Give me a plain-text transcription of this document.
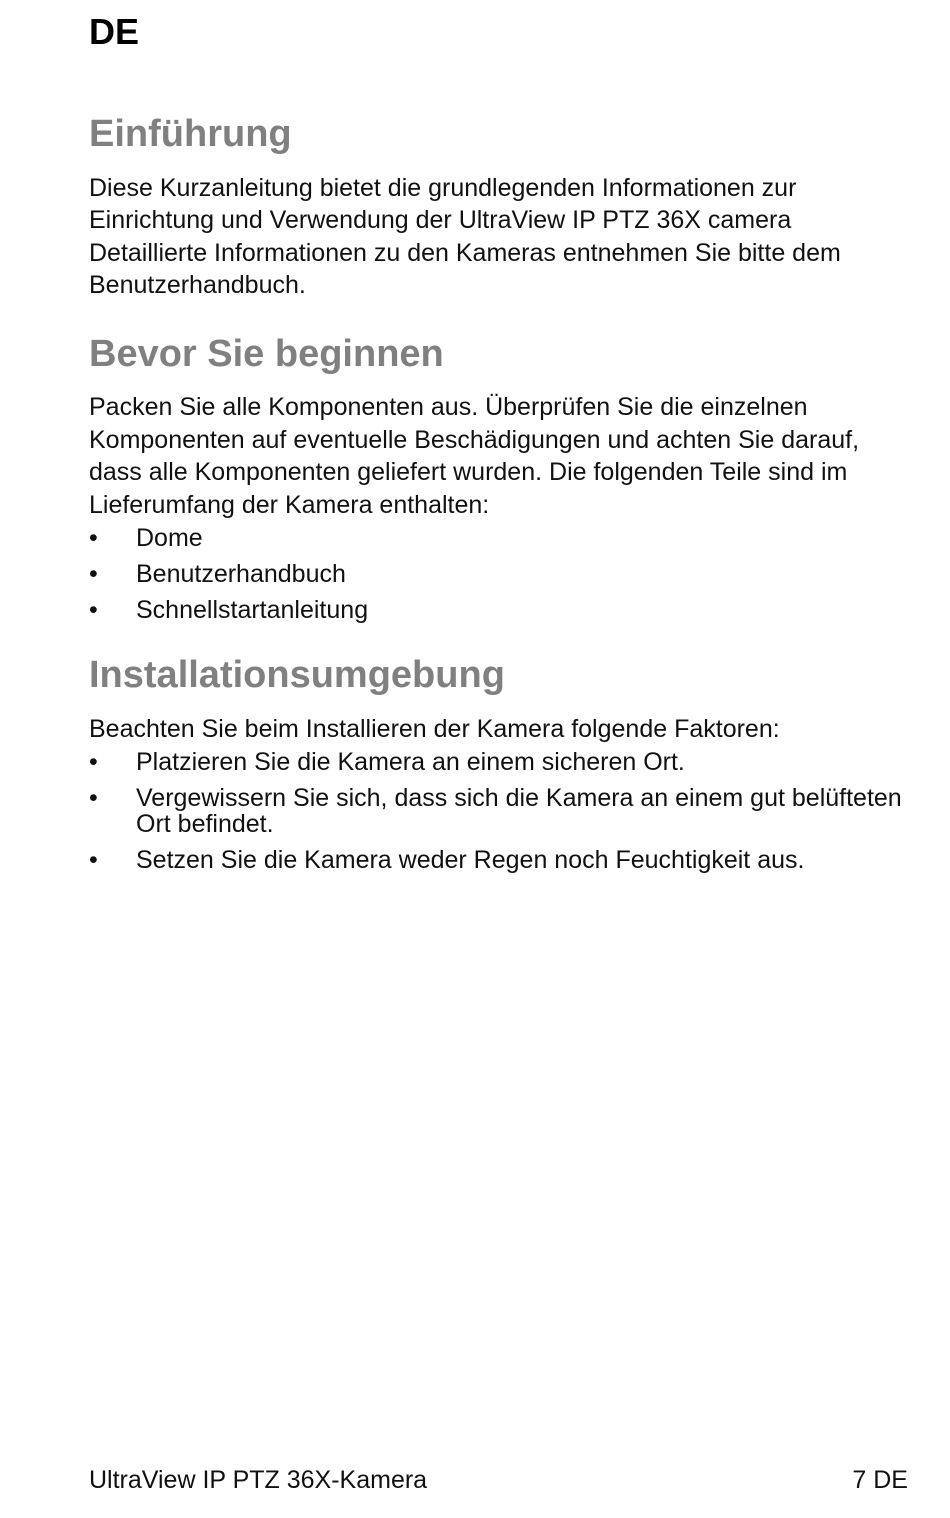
DE
Einführung

Diese Kurzanleitung bietet die grundlegenden Informationen zur Einrichtung und Verwendung der UltraView IP PTZ 36X camera Detaillierte Informationen zu den Kameras entnehmen Sie bitte dem Benutzerhandbuch.

Bevor Sie beginnen

Packen Sie alle Komponenten aus. Überprüfen Sie die einzelnen Komponenten auf eventuelle Beschädigungen und achten Sie darauf, dass alle Komponenten geliefert wurden. Die folgenden Teile sind im Lieferumfang der Kamera enthalten:

•	Dome
•	Benutzerhandbuch
•	Schnellstartanleitung
Installationsumgebung

Beachten Sie beim Installieren der Kamera folgende Faktoren:

•	Platzieren Sie die Kamera an einem sicheren Ort.
•	Vergewissern Sie sich, dass sich die Kamera an einem gut belüfteten Ort befindet.
•	Setzen Sie die Kamera weder Regen noch Feuchtigkeit aus.
UltraView IP PTZ 36X-Kamera	7 DE
